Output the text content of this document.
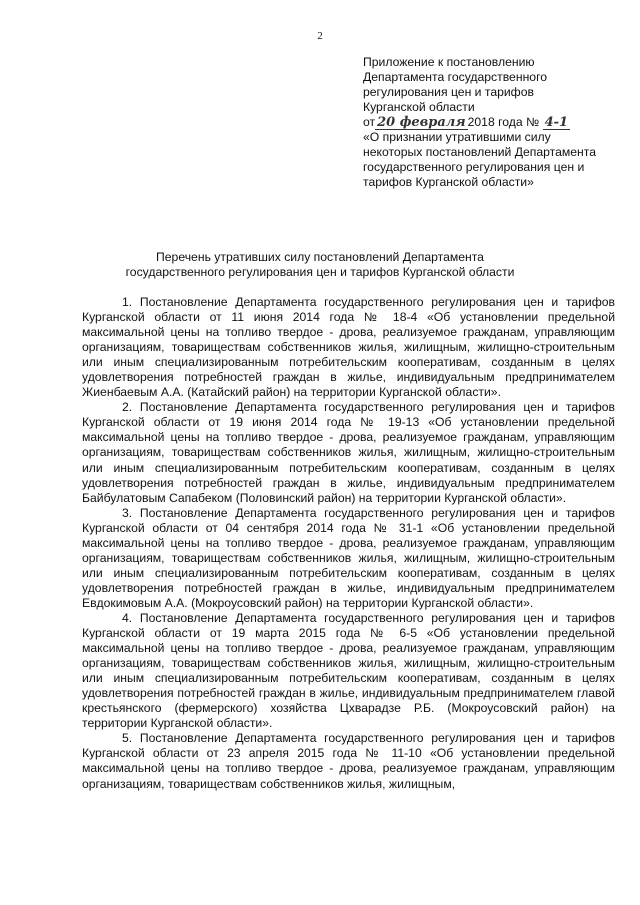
2
Приложение к постановлению
Департамента государственного
регулирования цен и тарифов
Курганской области
от 20 февраля 2018 года № 4-1
«О признании утратившими силу
некоторых постановлений Департамента
государственного регулирования цен и
тарифов Курганской области»
Перечень утративших силу постановлений Департамента
государственного регулирования цен и тарифов Курганской области

1. Постановление Департамента государственного регулирования цен и тарифов Курганской области от 11 июня 2014 года № 18-4 «Об установлении предельной максимальной цены на топливо твердое - дрова, реализуемое гражданам, управляющим организациям, товариществам собственников жилья, жилищным, жилищно-строительным или иным специализированным потребительским кооперативам, созданным в целях удовлетворения потребностей граждан в жилье, индивидуальным предпринимателем Жиенбаевым А.А. (Катайский район) на территории Курганской области».

2. Постановление Департамента государственного регулирования цен и тарифов Курганской области от 19 июня 2014 года № 19-13 «Об установлении предельной максимальной цены на топливо твердое - дрова, реализуемое гражданам, управляющим организациям, товариществам собственников жилья, жилищным, жилищно-строительным или иным специализированным потребительским кооперативам, созданным в целях удовлетворения потребностей граждан в жилье, индивидуальным предпринимателем Байбулатовым Сапабеком (Половинский район) на территории Курганской области».

3. Постановление Департамента государственного регулирования цен и тарифов Курганской области от 04 сентября 2014 года № 31-1 «Об установлении предельной максимальной цены на топливо твердое - дрова, реализуемое гражданам, управляющим организациям, товариществам собственников жилья, жилищным, жилищно-строительным или иным специализированным потребительским кооперативам, созданным в целях удовлетворения потребностей граждан в жилье, индивидуальным предпринимателем Евдокимовым А.А. (Мокроусовский район) на территории Курганской области».

4. Постановление Департамента государственного регулирования цен и тарифов Курганской области от 19 марта 2015 года № 6-5 «Об установлении предельной максимальной цены на топливо твердое - дрова, реализуемое гражданам, управляющим организациям, товариществам собственников жилья, жилищным, жилищно-строительным или иным специализированным потребительским кооперативам, созданным в целях удовлетворения потребностей граждан в жилье, индивидуальным предпринимателем главой крестьянского (фермерского) хозяйства Цхварадзе Р.Б. (Мокроусовский район) на территории Курганской области».

5. Постановление Департамента государственного регулирования цен и тарифов Курганской области от 23 апреля 2015 года № 11-10 «Об установлении предельной максимальной цены на топливо твердое - дрова, реализуемое гражданам, управляющим организациям, товариществам собственников жилья, жилищным,
